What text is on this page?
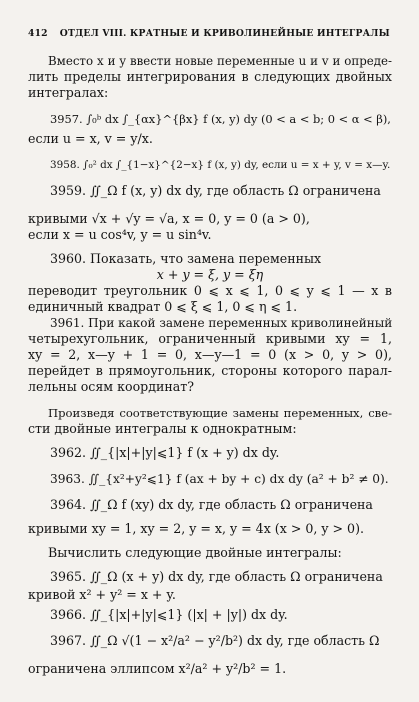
412 ОТДЕЛ VIII. КРАТНЫЕ И КРИВОЛИНЕЙНЫЕ ИНТЕГРАЛЫ
Вместо x и y ввести новые переменные u и v и опреде-
лить пределы интегрирования в следующих двойных
интегралах:
3957. ∫₀ᵇ dx ∫_{αx}^{βx} f (x, y) dy (0 < a < b; 0 < α < β),
если u = x, v = y/x.
3958. ∫₀² dx ∫_{1−x}^{2−x} f (x, y) dy, если u = x + y, v = x—y.
3959. ∬_Ω f (x, y) dx dy, где область Ω ограничена
кривыми √x + √y = √a, x = 0, y = 0 (a > 0),
если x = u cos⁴v, y = u sin⁴v.
3960. Показать, что замена переменных
x + y = ξ, y = ξη
переводит треугольник 0 ⩽ x ⩽ 1, 0 ⩽ y ⩽ 1 — x в
единичный квадрат 0 ⩽ ξ ⩽ 1, 0 ⩽ η ⩽ 1.
3961. При какой замене переменных криволинейный
четырехугольник, ограниченный кривыми xy = 1,
xy = 2, x—y + 1 = 0, x—y—1 = 0 (x > 0, y > 0),
перейдет в прямоугольник, стороны которого парал-
лельны осям координат?
Произведя соответствующие замены переменных, све-
сти двойные интегралы к однократным:
3962. ∬_{|x|+|y|⩽1} f (x + y) dx dy.
3963. ∬_{x²+y²⩽1} f (ax + by + c) dx dy (a² + b² ≠ 0).
3964. ∬_Ω f (xy) dx dy, где область Ω ограничена
кривыми xy = 1, xy = 2, y = x, y = 4x (x > 0, y > 0).
Вычислить следующие двойные интегралы:
3965. ∬_Ω (x + y) dx dy, где область Ω ограничена
кривой x² + y² = x + y.
3966. ∬_{|x|+|y|⩽1} (|x| + |y|) dx dy.
3967. ∬_Ω √(1 − x²/a² − y²/b²) dx dy, где область Ω
ограничена эллипсом x²/a² + y²/b² = 1.
